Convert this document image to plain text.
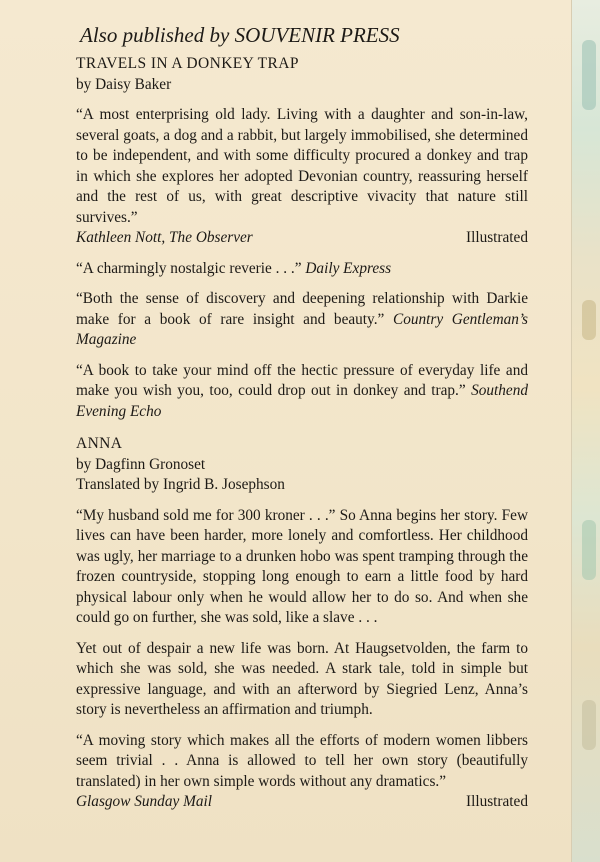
Also published by SOUVENIR PRESS
TRAVELS IN A DONKEY TRAP
by Daisy Baker

“A most enterprising old lady. Living with a daughter and son-in-law, several goats, a dog and a rabbit, but largely immobilised, she determined to be independent, and with some difficulty procured a donkey and trap in which she explores her adopted Devonian country, reassuring herself and the rest of us, with great descriptive vivacity that nature still survives.”

Kathleen Nott, The Observer	Illustrated

“A charmingly nostalgic reverie . . .” Daily Express

“Both the sense of discovery and deepening relationship with Darkie make for a book of rare insight and beauty.” Country Gentleman’s Magazine

“A book to take your mind off the hectic pressure of everyday life and make you wish you, too, could drop out in donkey and trap.” Southend Evening Echo

ANNA
by Dagfinn Gronoset
Translated by Ingrid B. Josephson

“My husband sold me for 300 kroner . . .” So Anna begins her story. Few lives can have been harder, more lonely and comfortless. Her childhood was ugly, her marriage to a drunken hobo was spent tramping through the frozen countryside, stopping long enough to earn a little food by hard physical labour only when he would allow her to do so. And when she could go on further, she was sold, like a slave . . .

Yet out of despair a new life was born. At Haugsetvolden, the farm to which she was sold, she was needed. A stark tale, told in simple but expressive language, and with an afterword by Siegried Lenz, Anna’s story is nevertheless an affirmation and triumph.

“A moving story which makes all the efforts of modern women libbers seem trivial . . Anna is allowed to tell her own story (beautifully translated) in her own simple words without any dramatics.”

Glasgow Sunday Mail	Illustrated
